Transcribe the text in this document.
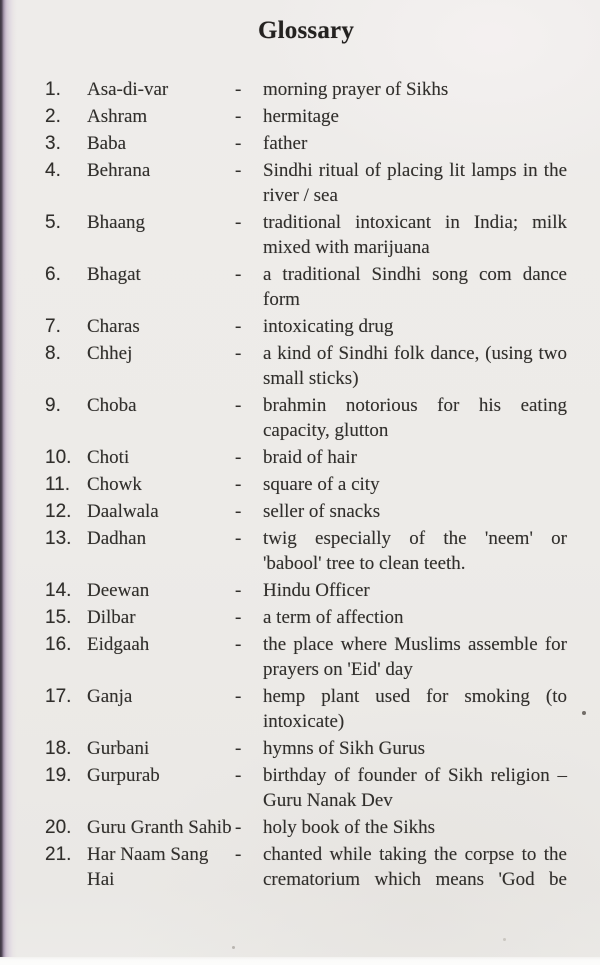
Glossary
1.	Asa-di-var	-	morning prayer of Sikhs
2.	Ashram	-	hermitage
3.	Baba	-	father
4.	Behrana	-	Sindhi ritual of placing lit lamps in the
river / sea
5.	Bhaang	-	traditional intoxicant in India; milk
mixed with marijuana
6.	Bhagat	-	a traditional Sindhi song com dance
form
7.	Charas	-	intoxicating drug
8.	Chhej	-	a kind of Sindhi folk dance, (using two
small sticks)
9.	Choba	-	brahmin notorious for his eating
capacity, glutton
10. Choti	-	braid of hair
11. Chowk	-	square of a city
12. Daalwala	-	seller of snacks
13. Dadhan	-	twig especially of the 'neem' or
'babool' tree to clean teeth.
14. Deewan	-	Hindu Officer
15. Dilbar	-	a term of affection
16. Eidgaah	-	the place where Muslims assemble for
prayers on 'Eid' day
17. Ganja	-	hemp plant used for smoking (to
intoxicate)
18. Gurbani	-	hymns of Sikh Gurus
19. Gurpurab	-	birthday of founder of Sikh religion –
Guru Nanak Dev
20. Guru Granth Sahib -	holy book of the Sikhs
21. Har Naam Sang Hai
-	chanted while taking the corpse to the
crematorium which means 'God be
